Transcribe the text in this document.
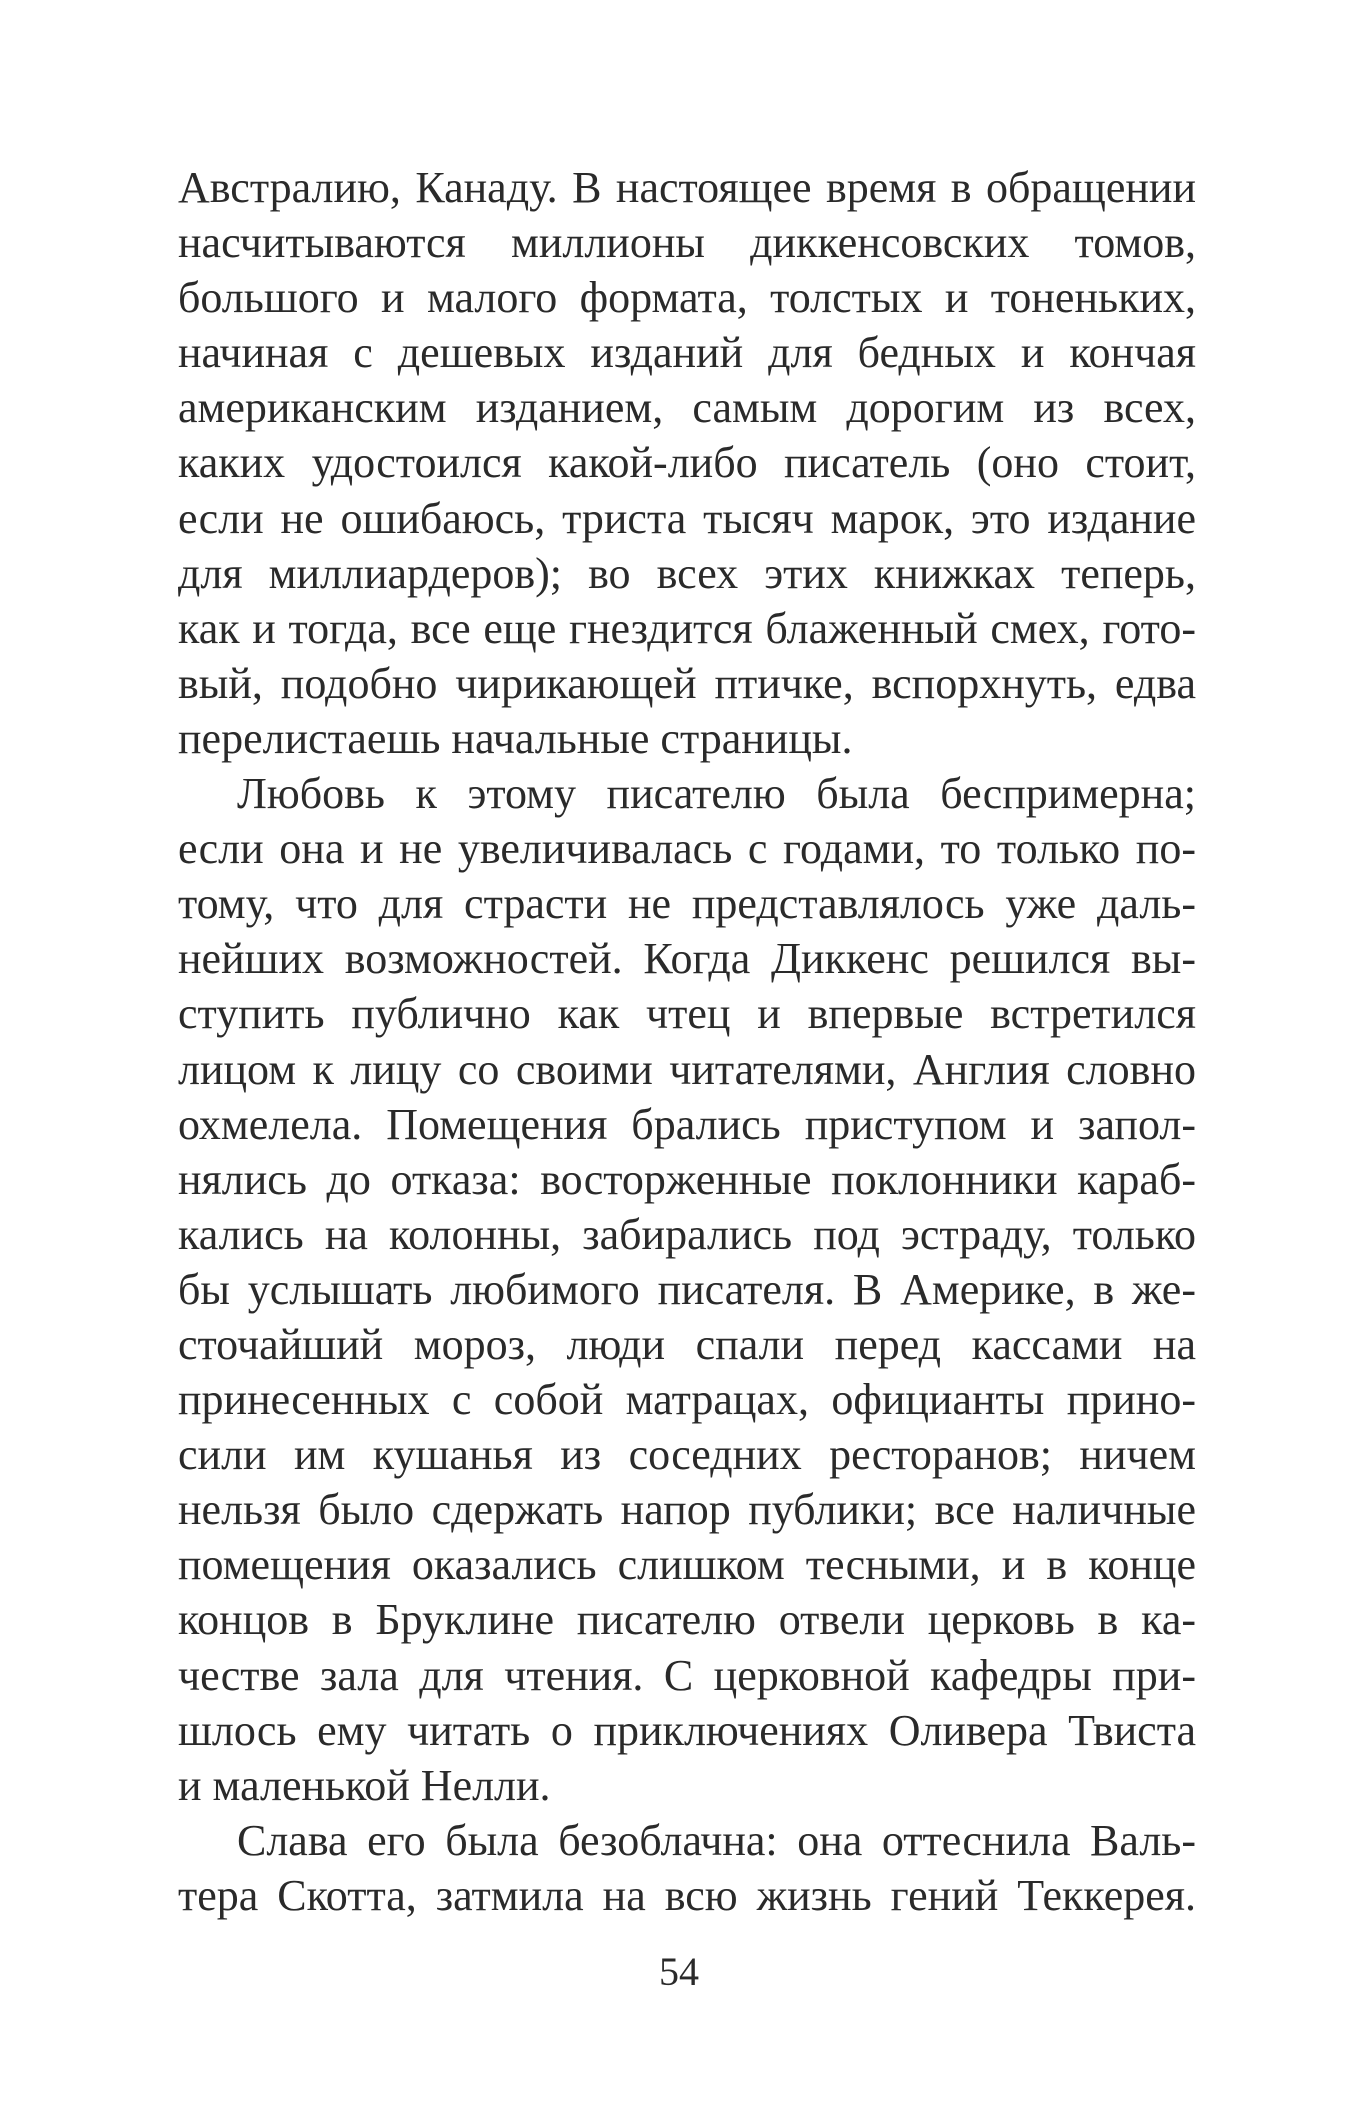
Австралию, Канаду. В настоящее время в обращении
насчитываются миллионы диккенсовских томов,
большого и малого формата, толстых и тоненьких,
начиная с дешевых изданий для бедных и кончая
американским изданием, самым дорогим из всех,
каких удостоился какой-либо писатель (оно стоит,
если не ошибаюсь, триста тысяч марок, это издание
для миллиардеров); во всех этих книжках теперь,
как и тогда, все еще гнездится блаженный смех, гото-
вый, подобно чирикающей птичке, вспорхнуть, едва
перелистаешь начальные страницы.
Любовь к этому писателю была беспримерна;
если она и не увеличивалась с годами, то только по-
тому, что для страсти не представлялось уже даль-
нейших возможностей. Когда Диккенс решился вы-
ступить публично как чтец и впервые встретился
лицом к лицу со своими читателями, Англия словно
охмелела. Помещения брались приступом и запол-
нялись до отказа: восторженные поклонники караб-
кались на колонны, забирались под эстраду, только
бы услышать любимого писателя. В Америке, в же-
сточайший мороз, люди спали перед кассами на
принесенных с собой матрацах, официанты прино-
сили им кушанья из соседних ресторанов; ничем
нельзя было сдержать напор публики; все наличные
помещения оказались слишком тесными, и в конце
концов в Бруклине писателю отвели церковь в ка-
честве зала для чтения. С церковной кафедры при-
шлось ему читать о приключениях Оливера Твиста
и маленькой Нелли.
Слава его была безоблачна: она оттеснила Валь-
тера Скотта, затмила на всю жизнь гений Теккерея.
54
